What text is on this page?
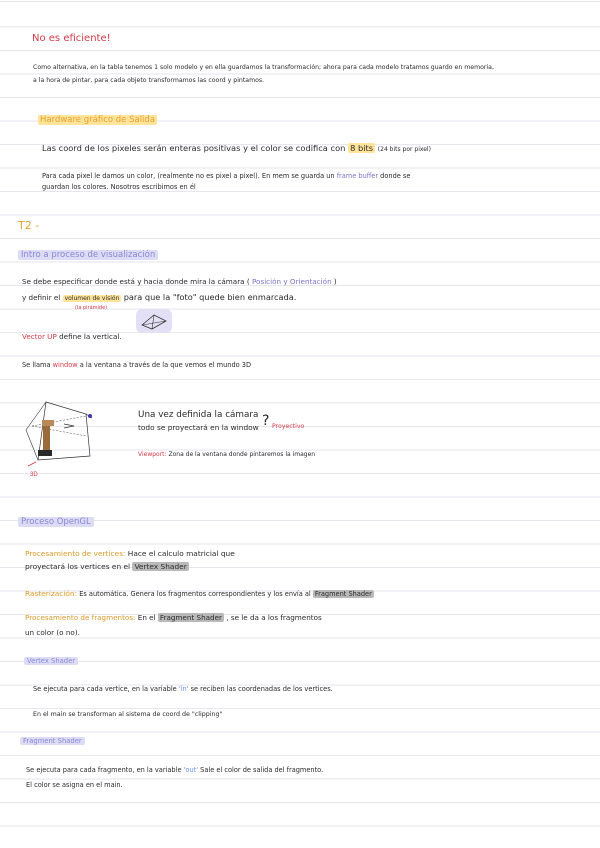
No es eficiente!
Como alternativa, en la tabla tenemos 1 solo modelo y en ella guardamos la transformación; ahora para cada modelo tratamos guardo en memoria,
a la hora de pintar, para cada objeto transformamos las coord y pintamos.
Hardware gráfico de Salida
Las coord de los pixeles serán enteras positivas y el color se codifica con 8 bits (24 bits por pixel)
Para cada pixel le damos un color, (realmente no es pixel a pixel). En mem se guarda un frame buffer donde se
guardan los colores. Nosotros escribimos en él
T2 -
Intro a proceso de visualización
Se debe especificar donde está y hacia donde mira la cámara ( Posición y Orientación )
y definir el volumen de visión para que la "foto" quede bien enmarcada.
(la pirámide)
Vector UP define la vertical.
Se llama window a la ventana a través de la que vemos el mundo 3D
3D
Una vez definida la cámara
todo se proyectará en la window ? Proyectivo
Viewport: Zona de la ventana donde pintaremos la imagen
Proceso OpenGL
Procesamiento de vertices: Hace el calculo matricial que
proyectará los vertices en el Vertex Shader
Rasterización: Es automática. Genera los fragmentos correspondientes y los envía al Fragment Shader
Procesamiento de fragmentos: En el Fragment Shader , se le da a los fragmentos
un color (o no).
Vertex Shader
Se ejecuta para cada vertice, en la variable 'in' se reciben las coordenadas de los vertices.
En el main se transforman al sistema de coord de "clipping"
Fragment Shader
Se ejecuta para cada fragmento, en la variable 'out' Sale el color de salida del fragmento.
El color se asigna en el main.
